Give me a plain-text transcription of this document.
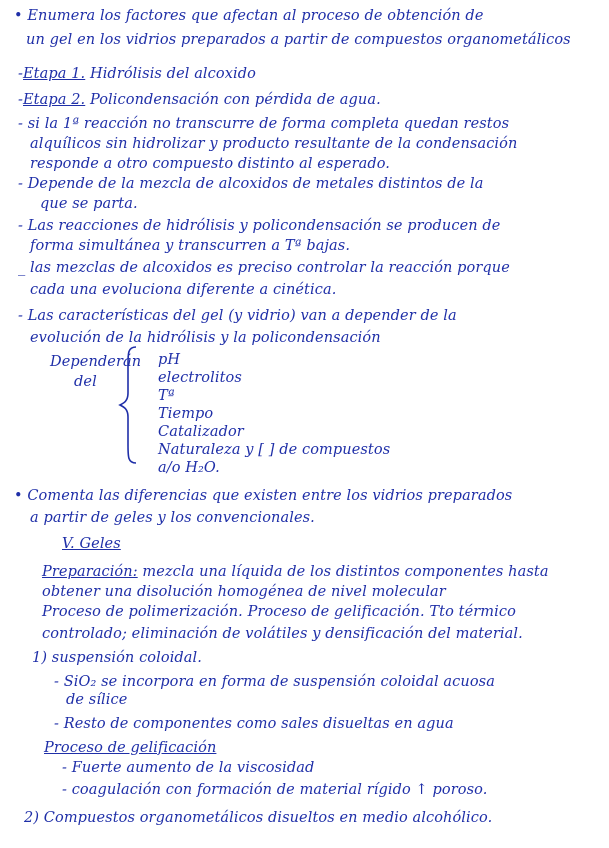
• Enumera los factores que afectan al proceso de obtención de
un gel en los vidrios preparados a partir de compuestos organometálicos
-Etapa 1. Hidrólisis del alcoxido
-Etapa 2. Policondensación con pérdida de agua.
- si la 1ª reacción no transcurre de forma completa quedan restos
alquílicos sin hidrolizar y producto resultante de la condensación
responde a otro compuesto distinto al esperado.
- Depende de la mezcla de alcoxidos de metales distintos de la
que se parta.
- Las reacciones de hidrólisis y policondensación se producen de
forma simultánea y transcurren a Tª bajas.
_ las mezclas de alcoxidos es preciso controlar la reacción porque
cada una evoluciona diferente a cinética.
- Las características del gel (y vidrio) van a depender de la
evolución de la hidrólisis y la policondensación
Dependerán
del
pH
electrolitos
Tª
Tiempo
Catalizador
Naturaleza y [ ] de compuestos
a/o H₂O.
• Comenta las diferencias que existen entre los vidrios preparados
a partir de geles y los convencionales.
V. Geles
Preparación: mezcla una líquida de los distintos componentes hasta
obtener una disolución homogénea de nivel molecular
Proceso de polimerización. Proceso de gelificación. Tto térmico
controlado; eliminación de volátiles y densificación del material.
1) suspensión coloidal.
- SiO₂ se incorpora en forma de suspensión coloidal acuosa
de sílice
- Resto de componentes como sales disueltas en agua
Proceso de gelificación
- Fuerte aumento de la viscosidad
- coagulación con formación de material rígido ↑ poroso.
2) Compuestos organometálicos disueltos en medio alcohólico.
